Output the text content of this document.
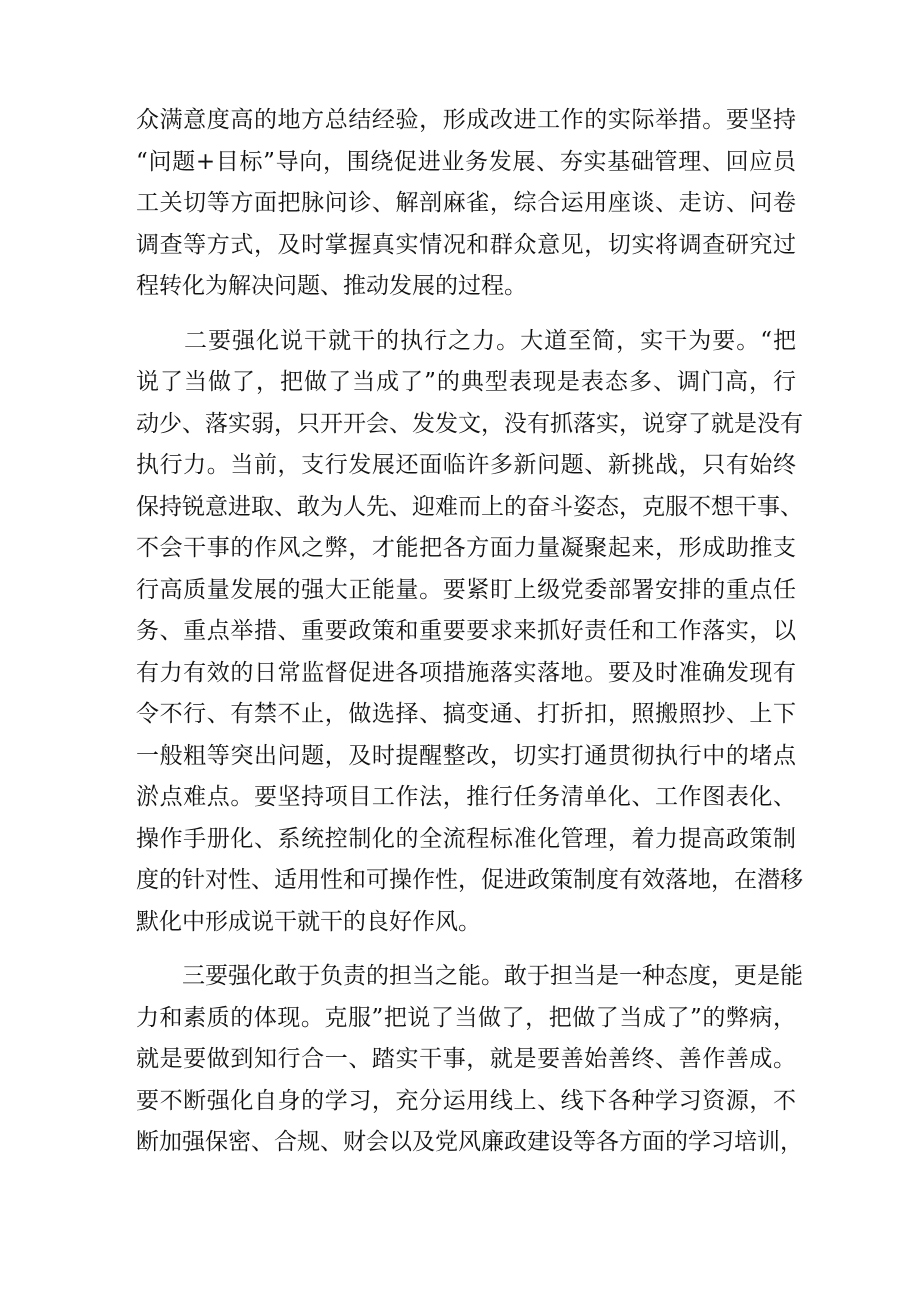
众满意度高的地方总结经验，形成改进工作的实际举措。要坚持
“问题+目标”导向，围绕促进业务发展、夯实基础管理、回应员
工关切等方面把脉问诊、解剖麻雀，综合运用座谈、走访、问卷
调查等方式，及时掌握真实情况和群众意见，切实将调查研究过
程转化为解决问题、推动发展的过程。
　　二要强化说干就干的执行之力。大道至简，实干为要。“把
说了当做了，把做了当成了”的典型表现是表态多、调门高，行
动少、落实弱，只开开会、发发文，没有抓落实，说穿了就是没有
执行力。当前，支行发展还面临许多新问题、新挑战，只有始终
保持锐意进取、敢为人先、迎难而上的奋斗姿态，克服不想干事、
不会干事的作风之弊，才能把各方面力量凝聚起来，形成助推支
行高质量发展的强大正能量。要紧盯上级党委部署安排的重点任
务、重点举措、重要政策和重要要求来抓好责任和工作落实，以
有力有效的日常监督促进各项措施落实落地。要及时准确发现有
令不行、有禁不止，做选择、搞变通、打折扣，照搬照抄、上下
一般粗等突出问题，及时提醒整改，切实打通贯彻执行中的堵点
淤点难点。要坚持项目工作法，推行任务清单化、工作图表化、
操作手册化、系统控制化的全流程标准化管理，着力提高政策制
度的针对性、适用性和可操作性，促进政策制度有效落地，在潜移
默化中形成说干就干的良好作风。
　　三要强化敢于负责的担当之能。敢于担当是一种态度，更是能
力和素质的体现。克服”把说了当做了，把做了当成了”的弊病，
就是要做到知行合一、踏实干事，就是要善始善终、善作善成。
要不断强化自身的学习，充分运用线上、线下各种学习资源，不
断加强保密、合规、财会以及党风廉政建设等各方面的学习培训，
